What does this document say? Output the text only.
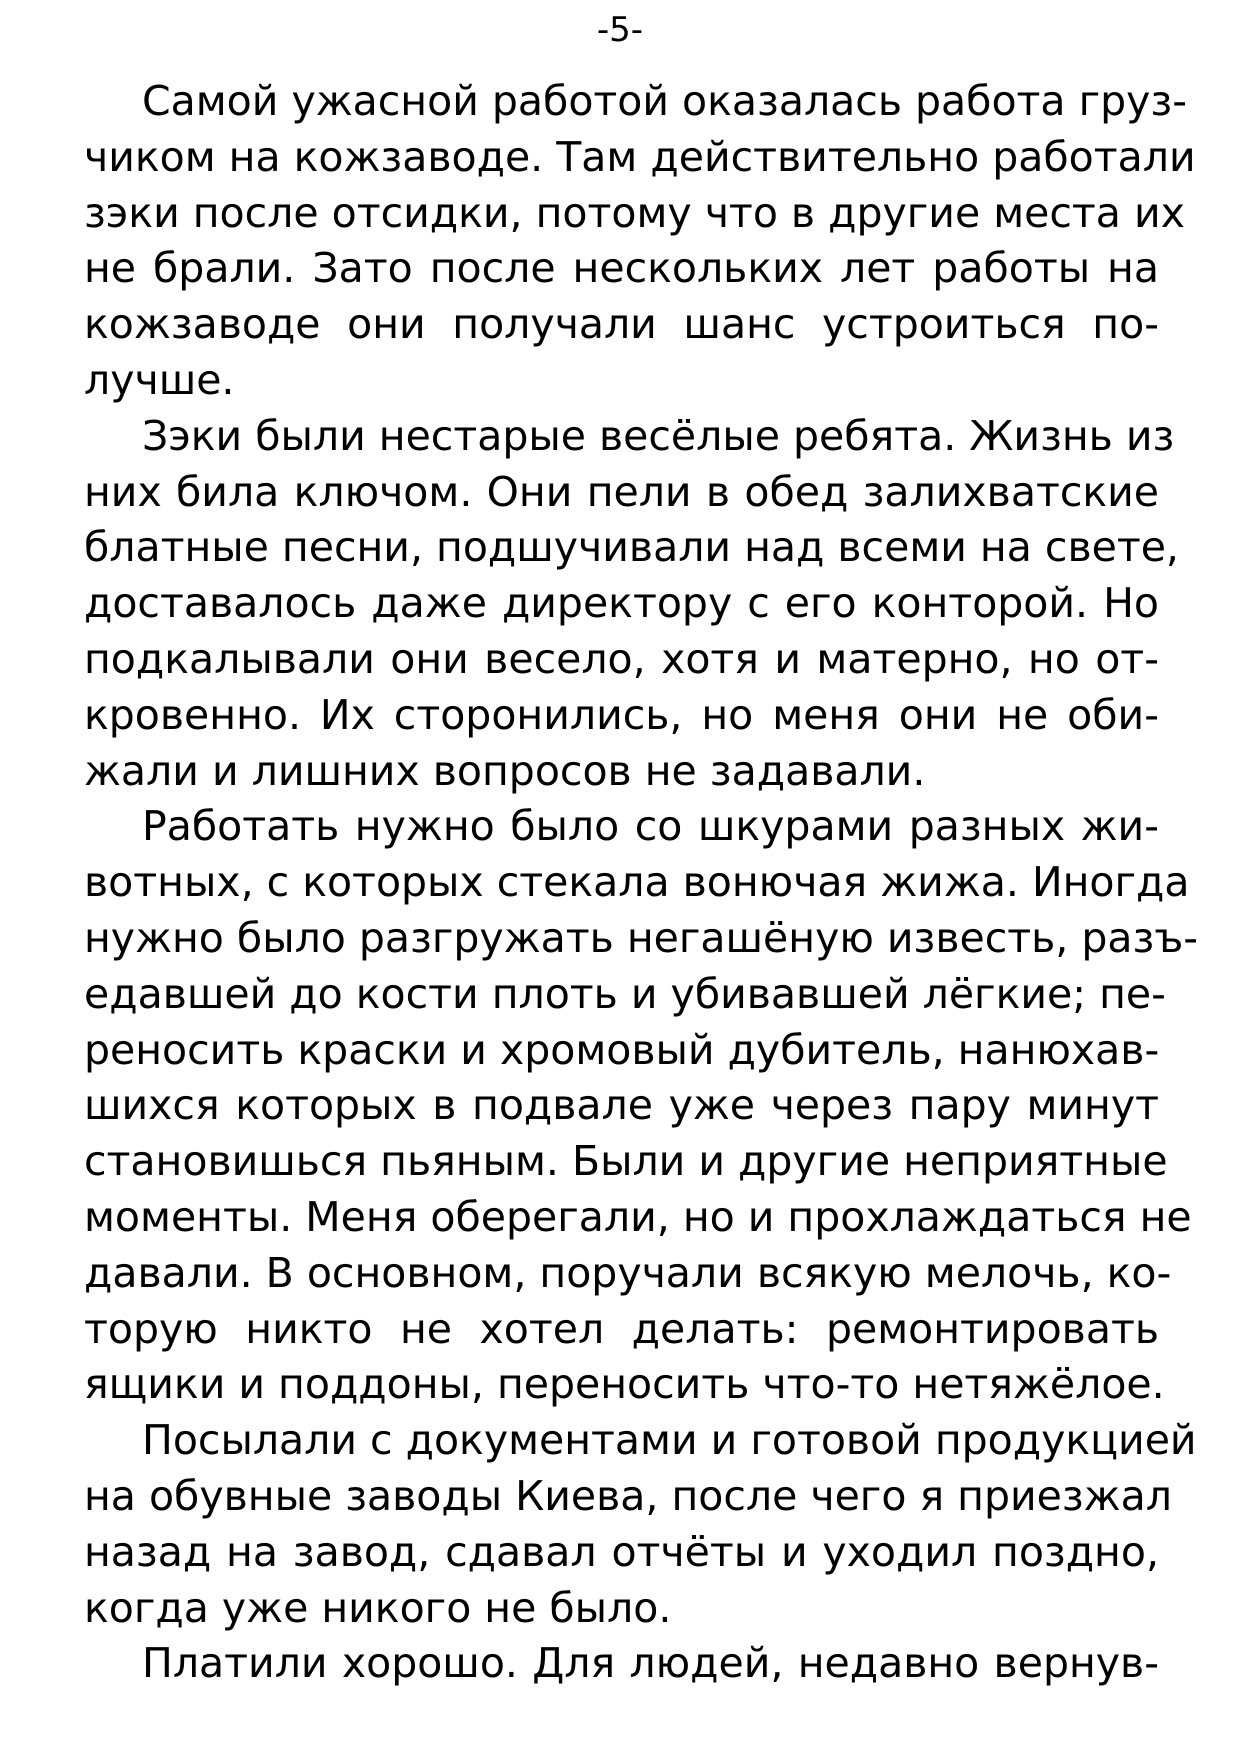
-5-
Самой ужасной работой оказалась работа груз-
чиком на кожзаводе. Там действительно работали
зэки после отсидки, потому что в другие места их
не брали. Зато после нескольких лет работы на
кожзаводе они получали шанс устроиться по-
лучше.
Зэки были нестарые весёлые ребята. Жизнь из
них била ключом. Они пели в обед залихватские
блатные песни, подшучивали над всеми на свете,
доставалось даже директору с его конторой. Но
подкалывали они весело, хотя и матерно, но от-
кровенно. Их сторонились, но меня они не оби-
жали и лишних вопросов не задавали.
Работать нужно было со шкурами разных жи-
вотных, с которых стекала вонючая жижа. Иногда
нужно было разгружать негашёную известь, разъ-
едавшей до кости плоть и убивавшей лёгкие; пе-
реносить краски и хромовый дубитель, нанюхав-
шихся которых в подвале уже через пару минут
становишься пьяным. Были и другие неприятные
моменты. Меня оберегали, но и прохлаждаться не
давали. В основном, поручали всякую мелочь, ко-
торую никто не хотел делать: ремонтировать
ящики и поддоны, переносить что-то нетяжёлое.
Посылали с документами и готовой продукцией
на обувные заводы Киева, после чего я приезжал
назад на завод, сдавал отчёты и уходил поздно,
когда уже никого не было.
Платили хорошо. Для людей, недавно вернув-
